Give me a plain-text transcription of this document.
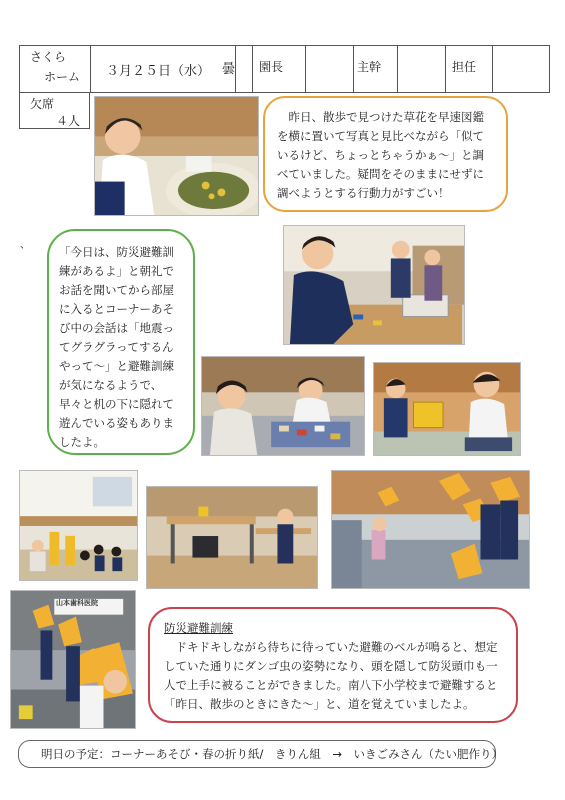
さくら
ホーム ３月２５日（水） 曇 園長	主幹	担任
欠席
４人
、
　昨日、散歩で見つけた草花を早速図鑑を横に置いて写真と見比べながら「似ているけど、ちょっとちゃうかぁ～」と調べていました。疑問をそのままにせずに調べようとする行動力がすごい！
「今日は、防災避難訓練があるよ」と朝礼でお話を聞いてから部屋に入るとコーナーあそび中の会話は「地震ってグラグラってするんやって～」と避難訓練が気になるようで、早々と机の下に隠れて遊んでいる姿もありましたよ。
山本歯科医院
防災避難訓練
　ドキドキしながら待ちに待っていた避難のベルが鳴ると、想定していた通りにダンゴ虫の姿勢になり、頭を隠して防災頭巾も一人で上手に被ることができました。南八下小学校まで避難すると「昨日、散歩のときにきた～」と、道を覚えていましたよ。
明日の予定：コーナーあそび・春の折り紙/　きりん組　→　いきごみさん（たい肥作り）
